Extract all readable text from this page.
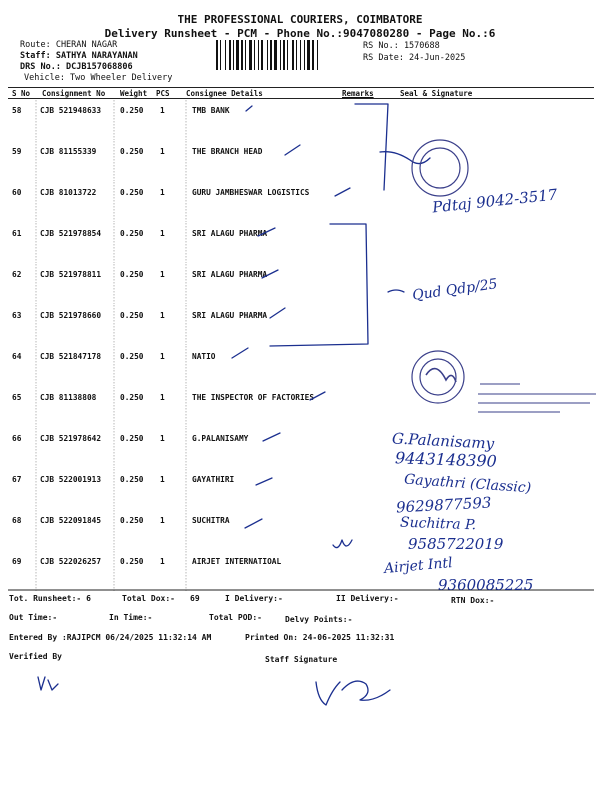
THE PROFESSIONAL COURIERS, COIMBATORE
Delivery Runsheet - PCM - Phone No.:9047080280 - Page No.:6
Route: CHERAN NAGAR
Staff: SATHYA NARAYANAN
DRS No.: DCJB157068806
Vehicle: Two Wheeler Delivery
RS No.: 1570688
RS Date: 24-Jun-2025
S No Consignment No Weight PCS Consignee Details	Remarks	Seal & Signature
58 CJB 521948633 0.250 1	TMB BANK
59 CJB 81155339	0.250 1	THE BRANCH HEAD
60 CJB 81013722	0.250 1	GURU JAMBHESWAR LOGISTICS
61 CJB 521978854 0.250 1	SRI ALAGU PHARMA
62 CJB 521978811 0.250 1	SRI ALAGU PHARMA
63 CJB 521978660 0.250 1	SRI ALAGU PHARMA
64 CJB 521847178 0.250 1	NATIO
65 CJB 81138808	0.250 1	THE INSPECTOR OF FACTORIES
66 CJB 521978642 0.250 1	G.PALANISAMY
67 CJB 522001913 0.250 1	GAYATHIRI
68 CJB 522091845 0.250 1	SUCHITRA
69 CJB 522026257 0.250 1	AIRJET INTERNATIOAL
Pdtaj 9042-3517
Qud Qdp/25
G.Palanisamy
9443148390
Gayathri (Classic)
9629877593
Suchitra P.
9585722019
Airjet Intl
9360085225
Tot. Runsheet:- 6	Total Dox:- 69	I Delivery:-	II Delivery:-	RTN Dox:-
Out Time:-	In Time:-	Total POD:-	Delvy Points:-
Entered By :RAJIPCM 06/24/2025 11:32:14 AM	Printed On: 24-06-2025 11:32:31
Verified By	Staff Signature
